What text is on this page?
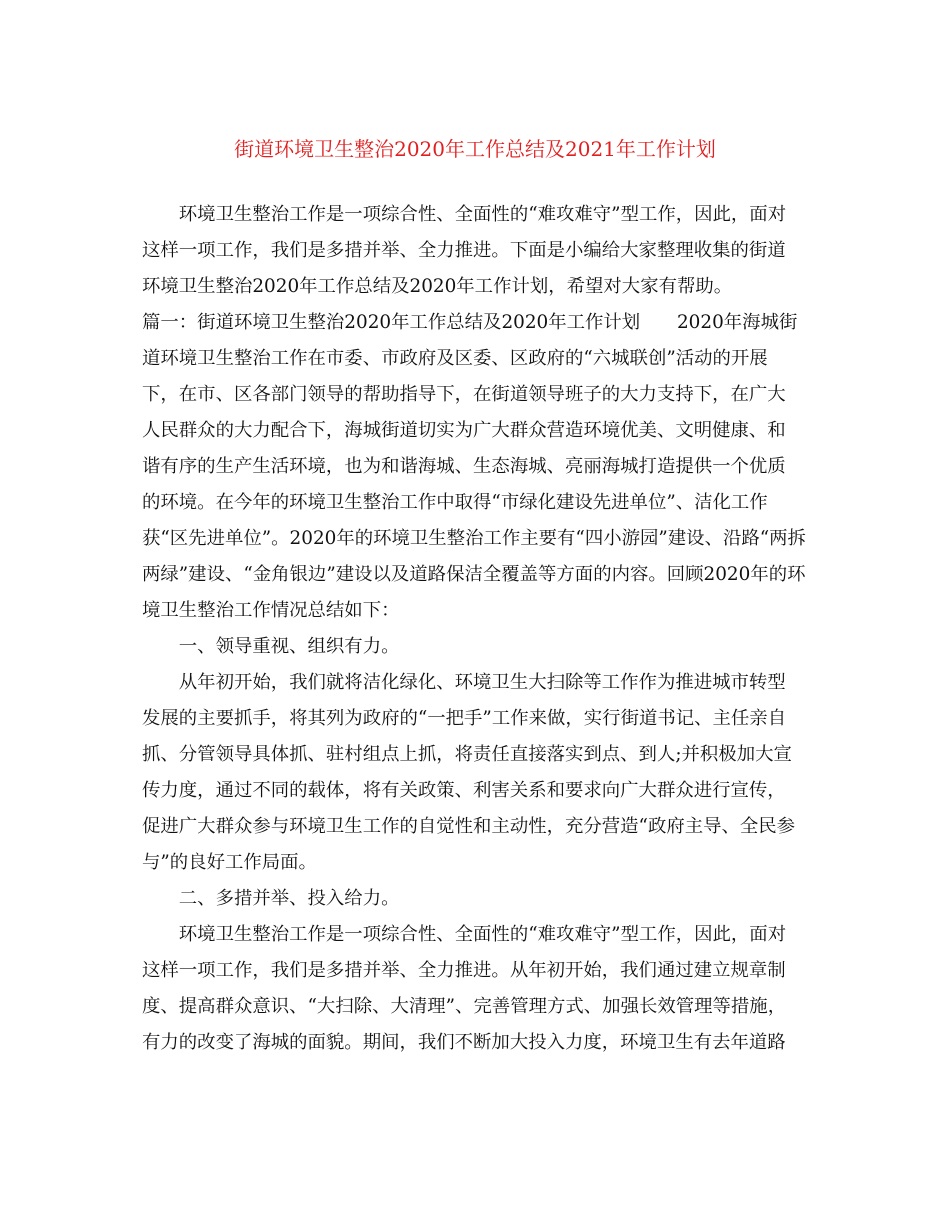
街道环境卫生整治2020年工作总结及2021年工作计划

　　环境卫生整治工作是一项综合性、全面性的“难攻难守”型工作，因此，面对

这样一项工作，我们是多措并举、全力推进。下面是小编给大家整理收集的街道

环境卫生整治2020年工作总结及2020年工作计划，希望对大家有帮助。

篇一：街道环境卫生整治2020年工作总结及2020年工作计划　　2020年海城街

道环境卫生整治工作在市委、市政府及区委、区政府的“六城联创”活动的开展

下，在市、区各部门领导的帮助指导下，在街道领导班子的大力支持下，在广大

人民群众的大力配合下，海城街道切实为广大群众营造环境优美、文明健康、和

谐有序的生产生活环境，也为和谐海城、生态海城、亮丽海城打造提供一个优质

的环境。在今年的环境卫生整治工作中取得“市绿化建设先进单位”、洁化工作

获“区先进单位”。2020年的环境卫生整治工作主要有“四小游园”建设、沿路“两拆

两绿”建设、“金角银边”建设以及道路保洁全覆盖等方面的内容。回顾2020年的环

境卫生整治工作情况总结如下：

　　一、领导重视、组织有力。

　　从年初开始，我们就将洁化绿化、环境卫生大扫除等工作作为推进城市转型

发展的主要抓手，将其列为政府的“一把手”工作来做，实行街道书记、主任亲自

抓、分管领导具体抓、驻村组点上抓，将责任直接落实到点、到人;并积极加大宣

传力度，通过不同的载体，将有关政策、利害关系和要求向广大群众进行宣传，

促进广大群众参与环境卫生工作的自觉性和主动性，充分营造“政府主导、全民参

与”的良好工作局面。

　　二、多措并举、投入给力。

　　环境卫生整治工作是一项综合性、全面性的“难攻难守”型工作，因此，面对

这样一项工作，我们是多措并举、全力推进。从年初开始，我们通过建立规章制

度、提高群众意识、“大扫除、大清理”、完善管理方式、加强长效管理等措施，

有力的改变了海城的面貌。期间，我们不断加大投入力度，环境卫生有去年道路
